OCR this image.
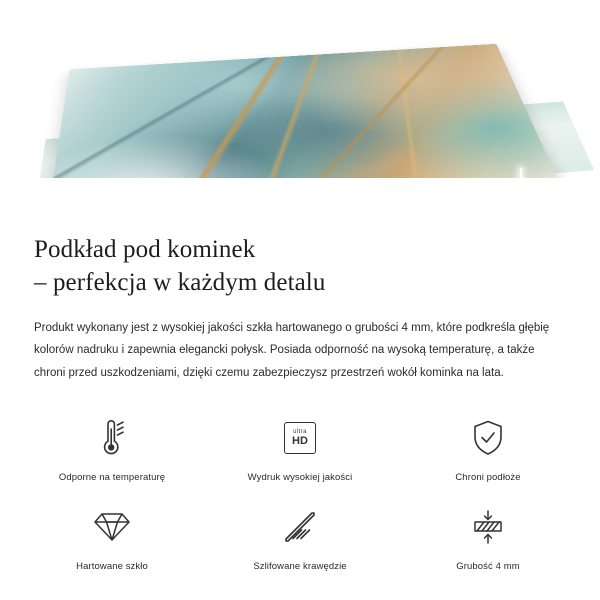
Podkład pod kominek
– perfekcja w każdym detalu

Produkt wykonany jest z wysokiej jakości szkła hartowanego o grubości 4 mm, które podkreśla głębię kolorów nadruku i zapewnia elegancki połysk. Posiada odporność na wysoką temperaturę, a także chroni przed uszkodzeniami, dzięki czemu zabezpieczysz przestrzeń wokół kominka na lata.

Odporne na temperaturę
ultra
HD
Wydruk wysokiej jakości	Chroni podłoże
Hartowane szkło	Szlifowane krawędzie	Grubość 4 mm
